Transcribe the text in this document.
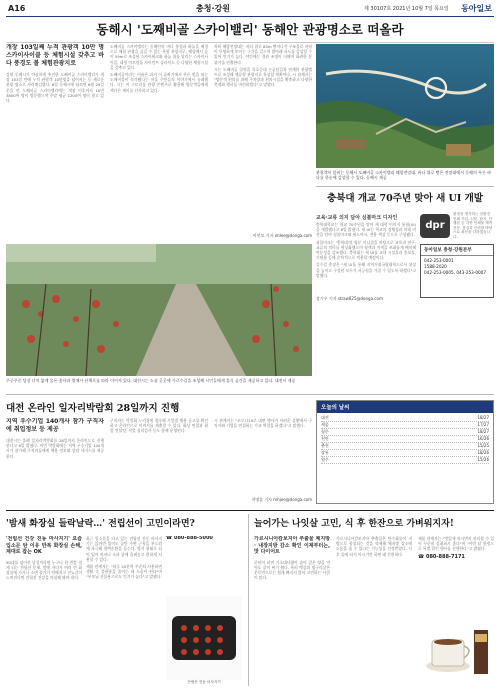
A16	충청·강원	제 30107호 2021년 10월 7일 목요일 동아일보
동해시 '도째비골 스카이밸리' 동해안 관광명소로 떠올라
개장 103일째 누적 관광객 10만 명 스카이사이클 등 체험시설 갖추고 바다 풍경도 볼 체험관광지로

강원 동해시가 야심차게 추진한 도째비골 스카이밸리가 개장 103일 만에 누적 관람객 10만명을 넘어서는 등 새로운 관광 명소로 자리매김했다. 6일 동해시에 따르면 6월 29일 문을 연 도째비골 스카이밸리에는 개장 이후까지 10만3800여 명이 방문했으며 주말 평균 1200여 명이 찾고 있다.

도째비골 스카이밸리는 동해안의 바다 풍경과 하늘을 배경으로 체험 관광을 즐길 수 있는 복합 관광지로, 해상에서 높이 59m로 조성된 스카이워크와 하늘 위를 달리는 스카이사이클, 대형 미끄럼틀 자이언트 슬라이드 등 다양한 체험시설을 갖추고 있다.

도째비골이라는 이름은 과거 이 골짜기에서 푸른 빛을 띠는 도깨비불이 목격됐다는 마을 주민들의 이야기에서 유래했다. 시는 이 스토리를 관광 콘텐츠로 활용해 방문객들에게 색다른 재미를 선사하고 있다.

특히 해랑전망대는 바다 위로 85m 뻗어나간 구조물로 바닥이 투명하게 보이는 구간을 걸으며 발아래 파도를 감상할 수 있어 인기가 높다. 야간에는 경관 조명이 더해져 화려한 분위기를 연출한다.

시는 도째비골 일원을 묵호등대 논골담길과 연계한 관광벨트로 조성해 체류형 관광지로 육성할 계획이다. 시 관계자는 "방문객 편의를 위해 주차장과 편의시설을 확충하고 다양한 축제와 행사를 마련하겠다"고 말했다.

이인모 기자 imlee@donga.com
관광객이 붐비는 동해시 도째비골 스카이밸리 해랑전망대. 바다 위로 뻗은 전망대에서 동해의 푸른 바다를 한눈에 감상할 수 있다. 동해시 제공
충북대 개교 70주년 맞아 새 UI 개발
교육·교류 의지 담아 심볼마크 디자인

충북대학교는 개교 70주년을 맞아 새 대학 이미지 통합(UI)을 개발했다고 6일 밝혔다. 새 UI는 학교의 정체성과 미래 비전을 담아 심볼마크와 워드마크, 전용 색상 등으로 구성됐다.

심볼마크는 '충북대'의 영문 이니셜을 바탕으로 교육과 연구, 교류의 의미를 형상화했으며 청색과 적색을 조화롭게 배치해 역동성을 강조했다. 충북대는 새 UI를 교내 시설물과 홍보물, 기념품 등에 순차적으로 적용할 예정이다.

김수갑 총장은 "새 UI를 통해 지역거점국립대학으로서 위상을 높이고 구성원 모두가 자긍심을 가질 수 있도록 하겠다"고 말했다.

장기우 기자 straw825@donga.com
dpr
환경을 생각하는 친환경 인쇄 기업. 신문, 잡지, 단행본 등 각종 인쇄물 제작 전문. 품질과 신뢰를 바탕으로 최선을 다하겠습니다.
동아일보 충청·강원본부
042-253-0001
1588-2020
042-253-0005, 043-253-0007
주중주중 담장 너머 붉게 물든 꽃사과 열매가 산책로를 따라 이어져 있다. 대전시는 도심 곳곳에 가로수길을 조성해 시민들에게 휴식 공간을 제공하고 있다. 대전시 제공
대전 온라인 일자리박람회 28일까지 진행
지역 우수기업 140개사 참가 구직자에 취업정보 등 제공

대전시는 올해 일자리박람회를 28일까지 온라인으로 진행한다고 6일 밝혔다. 이번 박람회에는 지역 우수기업 140개사가 참가해 구직자들에게 채용 정보와 상담 서비스를 제공한다.

구직자는 박람회 누리집에 접속해 기업별 채용 공고를 확인하고 온라인으로 이력서를 제출할 수 있다. 화상 면접과 취업 컨설팅, 직업 심리검사 등도 함께 운영된다.

시 관계자는 "코로나19로 대면 행사가 어려운 상황에서 구직자와 기업을 연결하는 가교 역할을 하겠다"고 말했다.

지명훈 기자 mhjee@donga.com
오늘의 날씨
대전	18/27
세종	17/27
청주	18/27
천안	16/26
춘천	15/25
강릉	18/26
원주	15/26
'밤새 화장실 들락날락…' 전립선이 고민이라면?
'전립선 건강 진동 마사지기' 요즘 입소문 탄 이유 반복 화장실 손해, 제대로 잡는 OK

50대를 넘어선 남성이라면 누구나 한 번쯤 겪게 되는 전립선 문제. 밤에 자다가 여러 번 화장실에 가거나 소변 줄기가 약해지고 잔뇨감이 느껴진다면 전립선 건강을 의심해 봐야 한다.

최근 입소문을 타고 있는 전립선 진동 마사지기는 앉아만 있어도 골반 주변 근육을 부드럽게 자극해 혈액순환을 돕는다. 방석 형태로 되어 있어 의자나 소파 위에 올려놓고 편하게 사용할 수 있다.

제품 관계자는 "하루 20분씩 꾸준히 사용하면 생활 속 불편함을 줄이는 데 도움이 된다"며 "부모님 선물용으로도 인기가 높다"고 말했다.

☎ 080-888-5000
전립선 진동 마사지기
늘어가는 나잇살 고민, 식 후 한잔으로 가벼워지자!
가르시니아캄보지아 추출물 체지방 · 내장지방 감소 확인 이제부터는, 맛 다이어트

중년이 되면 기초대사량이 줄어 같은 양을 먹어도 살이 찌기 쉽다. 특히 뱃살과 옆구리살은 운동만으로는 쉽게 빠지지 않아 고민하는 사람이 많다.

가르시니아캄보지아 추출물은 탄수화물이 지방으로 합성되는 것을 억제해 체지방 감소에 도움을 줄 수 있다는 기능성을 인정받았다. 식후 물에 타서 마시기만 하면 돼 간편하다.

제품 관계자는 "맛있게 마시면서 관리할 수 있어 꾸준히 섭취하기 좋다"며 "이번 달 한정으로 특별 할인 행사를 진행한다"고 밝혔다.

☎ 080-888-7171
